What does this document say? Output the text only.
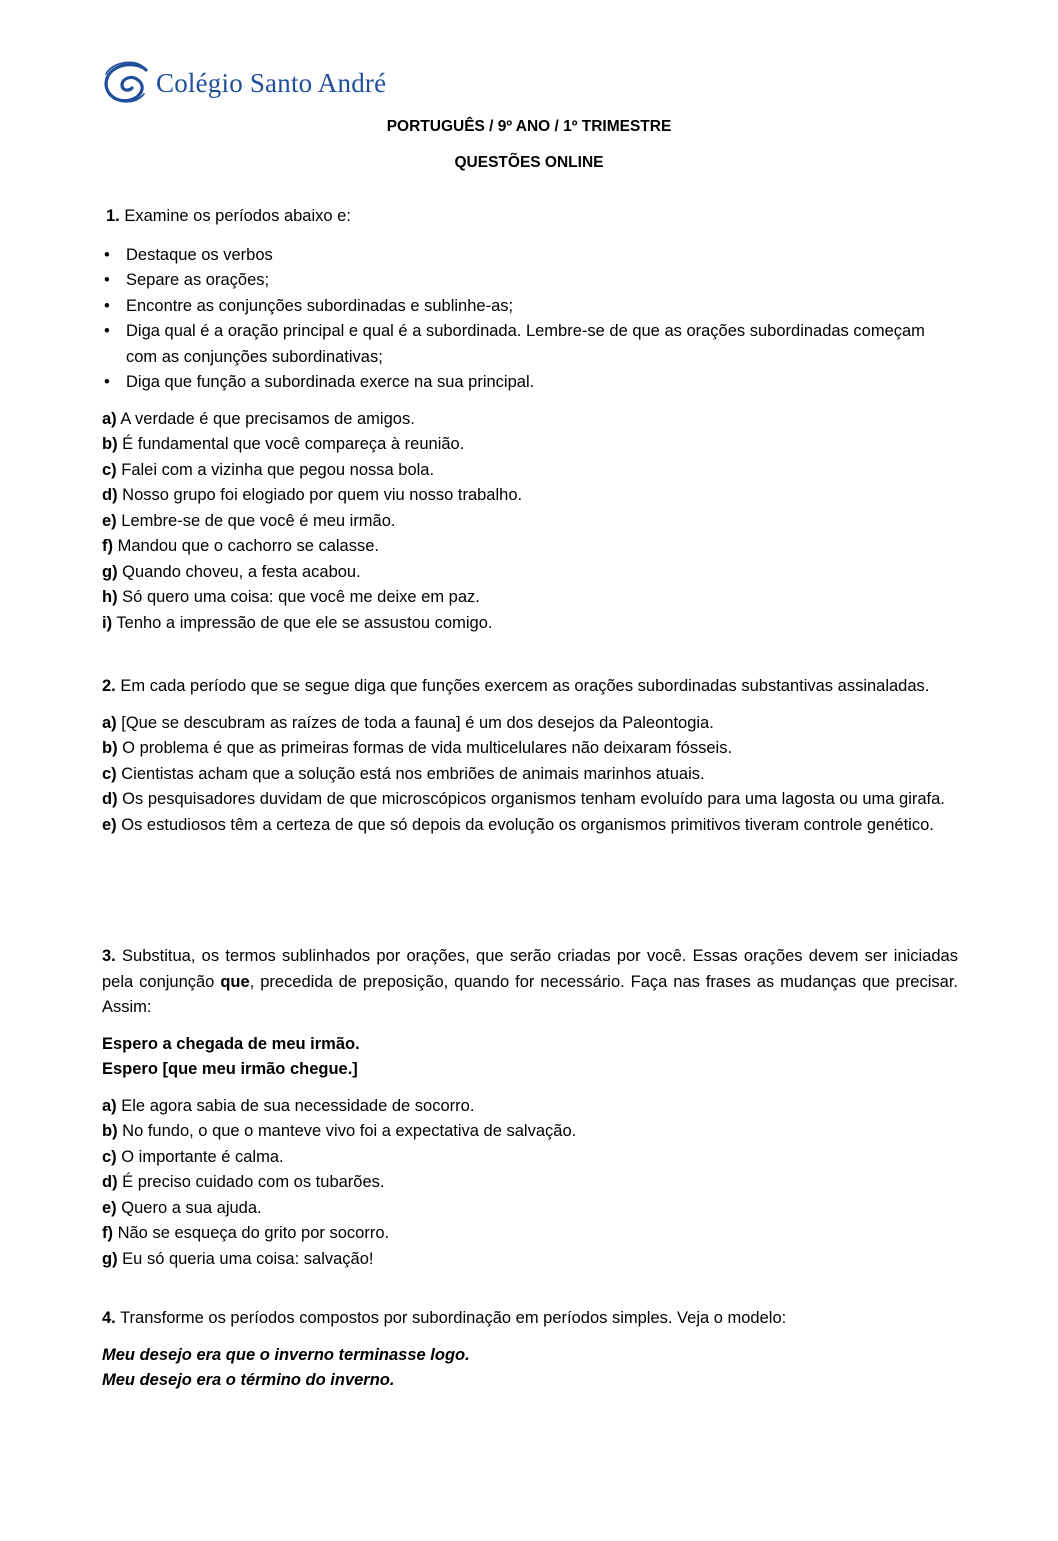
Colégio Santo André
PORTUGUÊS / 9º ANO / 1º TRIMESTRE
QUESTÕES ONLINE

1. Examine os períodos abaixo e:

• Destaque os verbos
• Separe as orações;
• Encontre as conjunções subordinadas e sublinhe-as;
• Diga qual é a oração principal e qual é a subordinada. Lembre-se de que as orações subordinadas começam com as conjunções subordinativas;
• Diga que função a subordinada exerce na sua principal.

a) A verdade é que precisamos de amigos.

b) É fundamental que você compareça à reunião.

c) Falei com a vizinha que pegou nossa bola.

d) Nosso grupo foi elogiado por quem viu nosso trabalho.

e) Lembre-se de que você é meu irmão.

f) Mandou que o cachorro se calasse.

g) Quando choveu, a festa acabou.

h) Só quero uma coisa: que você me deixe em paz.

i) Tenho a impressão de que ele se assustou comigo.

2. Em cada período que se segue diga que funções exercem as orações subordinadas substantivas assinaladas.

a) [Que se descubram as raízes de toda a fauna] é um dos desejos da Paleontogia.

b) O problema é que as primeiras formas de vida multicelulares não deixaram fósseis.

c) Cientistas acham que a solução está nos embriões de animais marinhos atuais.

d) Os pesquisadores duvidam de que microscópicos organismos tenham evoluído para uma lagosta ou uma girafa.

e) Os estudiosos têm a certeza de que só depois da evolução os organismos primitivos tiveram controle genético.

3. Substitua, os termos sublinhados por orações, que serão criadas por você. Essas orações devem ser iniciadas pela conjunção que, precedida de preposição, quando for necessário. Faça nas frases as mudanças que precisar. Assim:

Espero a chegada de meu irmão.

Espero [que meu irmão chegue.]

a) Ele agora sabia de sua necessidade de socorro.

b) No fundo, o que o manteve vivo foi a expectativa de salvação.

c) O importante é calma.

d) É preciso cuidado com os tubarões.

e) Quero a sua ajuda.

f) Não se esqueça do grito por socorro.

g) Eu só queria uma coisa: salvação!

4. Transforme os períodos compostos por subordinação em períodos simples. Veja o modelo:

Meu desejo era que o inverno terminasse logo.

Meu desejo era o término do inverno.
